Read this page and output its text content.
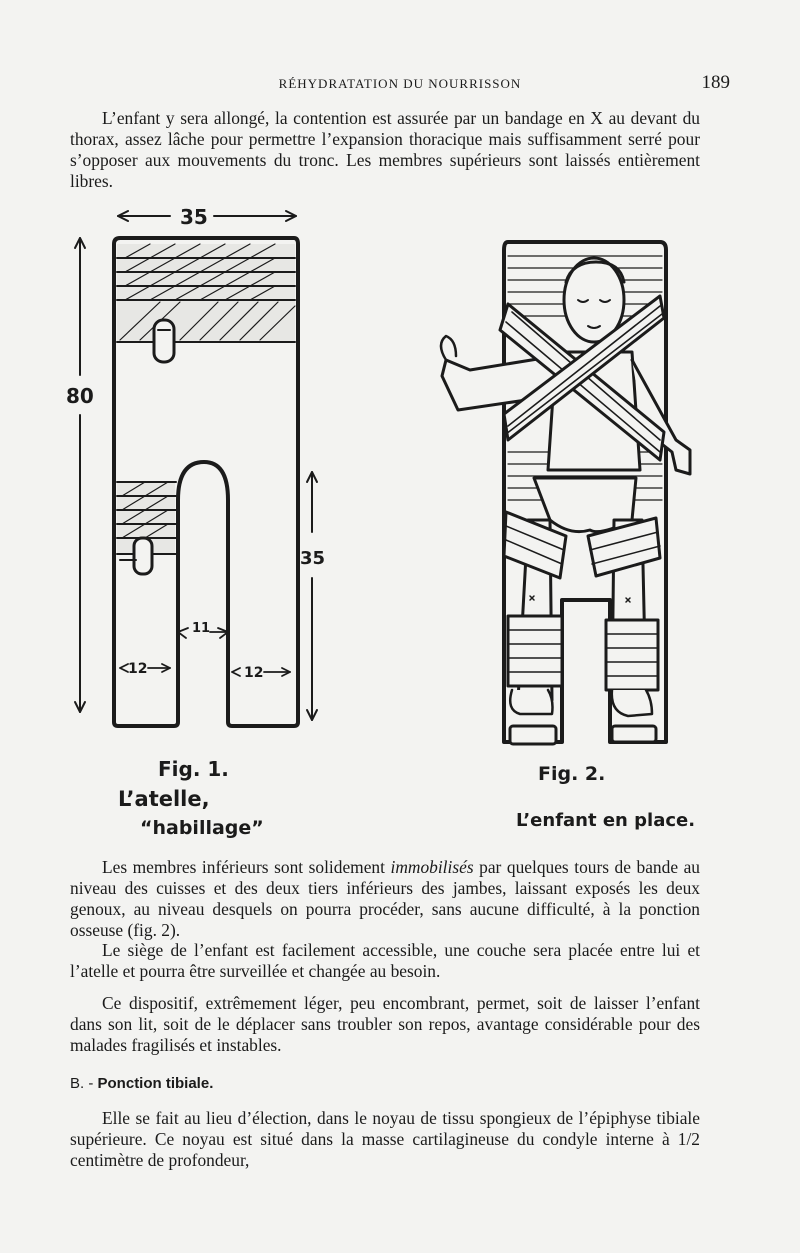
RÉHYDRATATION DU NOURRISSON	189

L’enfant y sera allongé, la contention est assurée par un bandage en X au devant du thorax, assez lâche pour permettre l’expansion thoracique mais suffisamment serré pour s’opposer aux mouvements du tronc. Les membres supérieurs sont laissés entièrement libres.

35
80
35
11
12	12
Fig. 1.
L’atelle,
“habillage”
Fig. 2.
L’enfant en place.

Les membres inférieurs sont solidement immobilisés par quelques tours de bande au niveau des cuisses et des deux tiers inférieurs des jambes, laissant exposés les deux genoux, au niveau desquels on pourra procéder, sans aucune difficulté, à la ponction osseuse (fig. 2).

Le siège de l’enfant est facilement accessible, une couche sera placée entre lui et l’atelle et pourra être surveillée et changée au besoin.

Ce dispositif, extrêmement léger, peu encombrant, permet, soit de laisser l’enfant dans son lit, soit de le déplacer sans troubler son repos, avantage considérable pour des malades fragilisés et instables.

B. - Ponction tibiale.

Elle se fait au lieu d’élection, dans le noyau de tissu spongieux de l’épiphyse tibiale supérieure. Ce noyau est situé dans la masse cartilagineuse du condyle interne à 1/2 centimètre de profondeur,
